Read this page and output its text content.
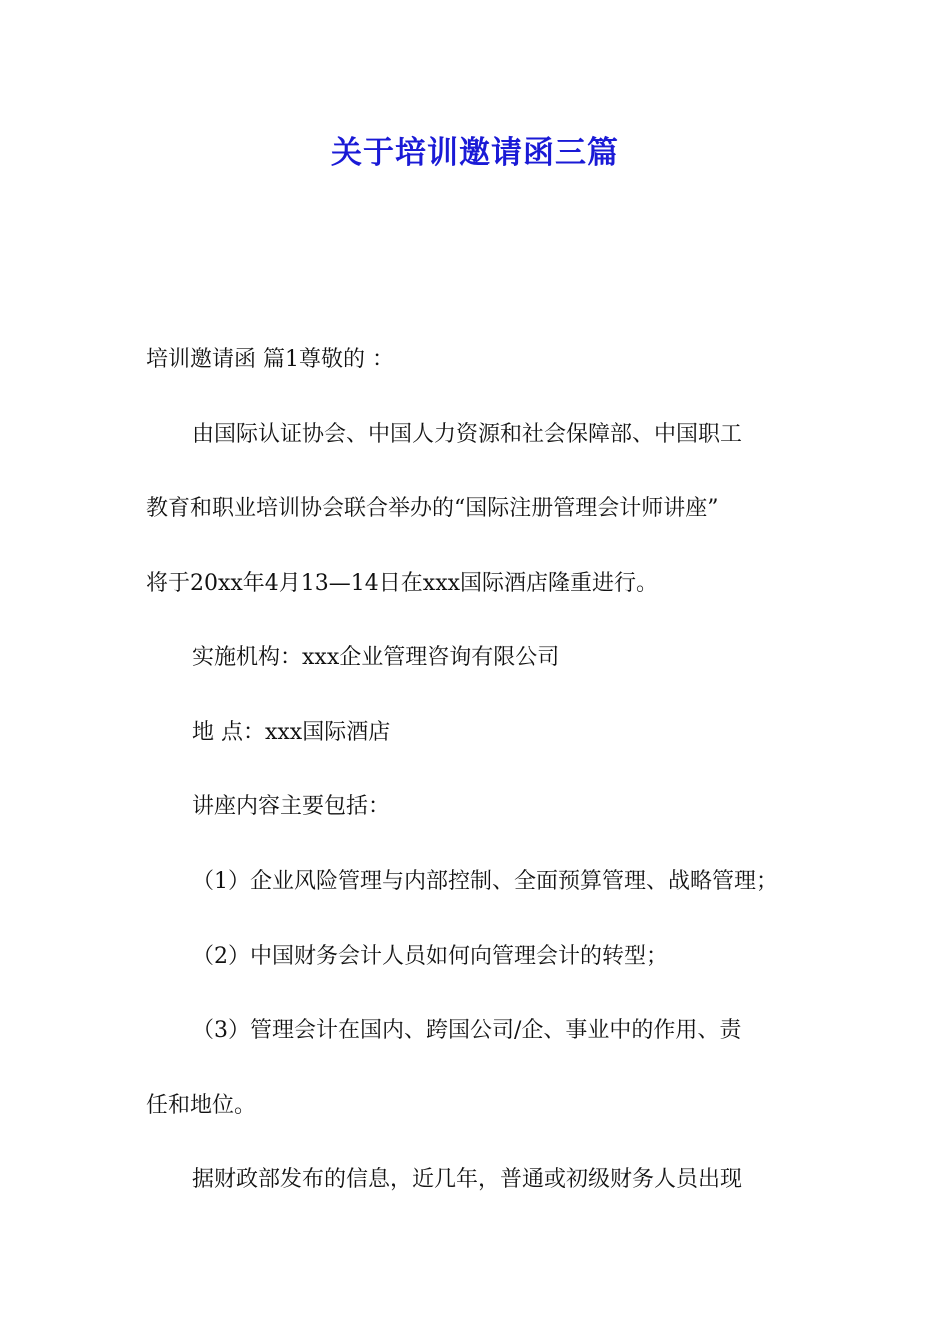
关于培训邀请函三篇
培训邀请函 篇1尊敬的 ：
由国际认证协会、中国人力资源和社会保障部、中国职工
教育和职业培训协会联合举办的“国际注册管理会计师讲座”
将于20xx年4月13—14日在xxx国际酒店隆重进行。
实施机构：xxx企业管理咨询有限公司
地 点：xxx国际酒店
讲座内容主要包括：
（1）企业风险管理与内部控制、全面预算管理、战略管理；
（2）中国财务会计人员如何向管理会计的转型；
（3）管理会计在国内、跨国公司/企、事业中的作用、责
任和地位。
据财政部发布的信息，近几年，普通或初级财务人员出现
